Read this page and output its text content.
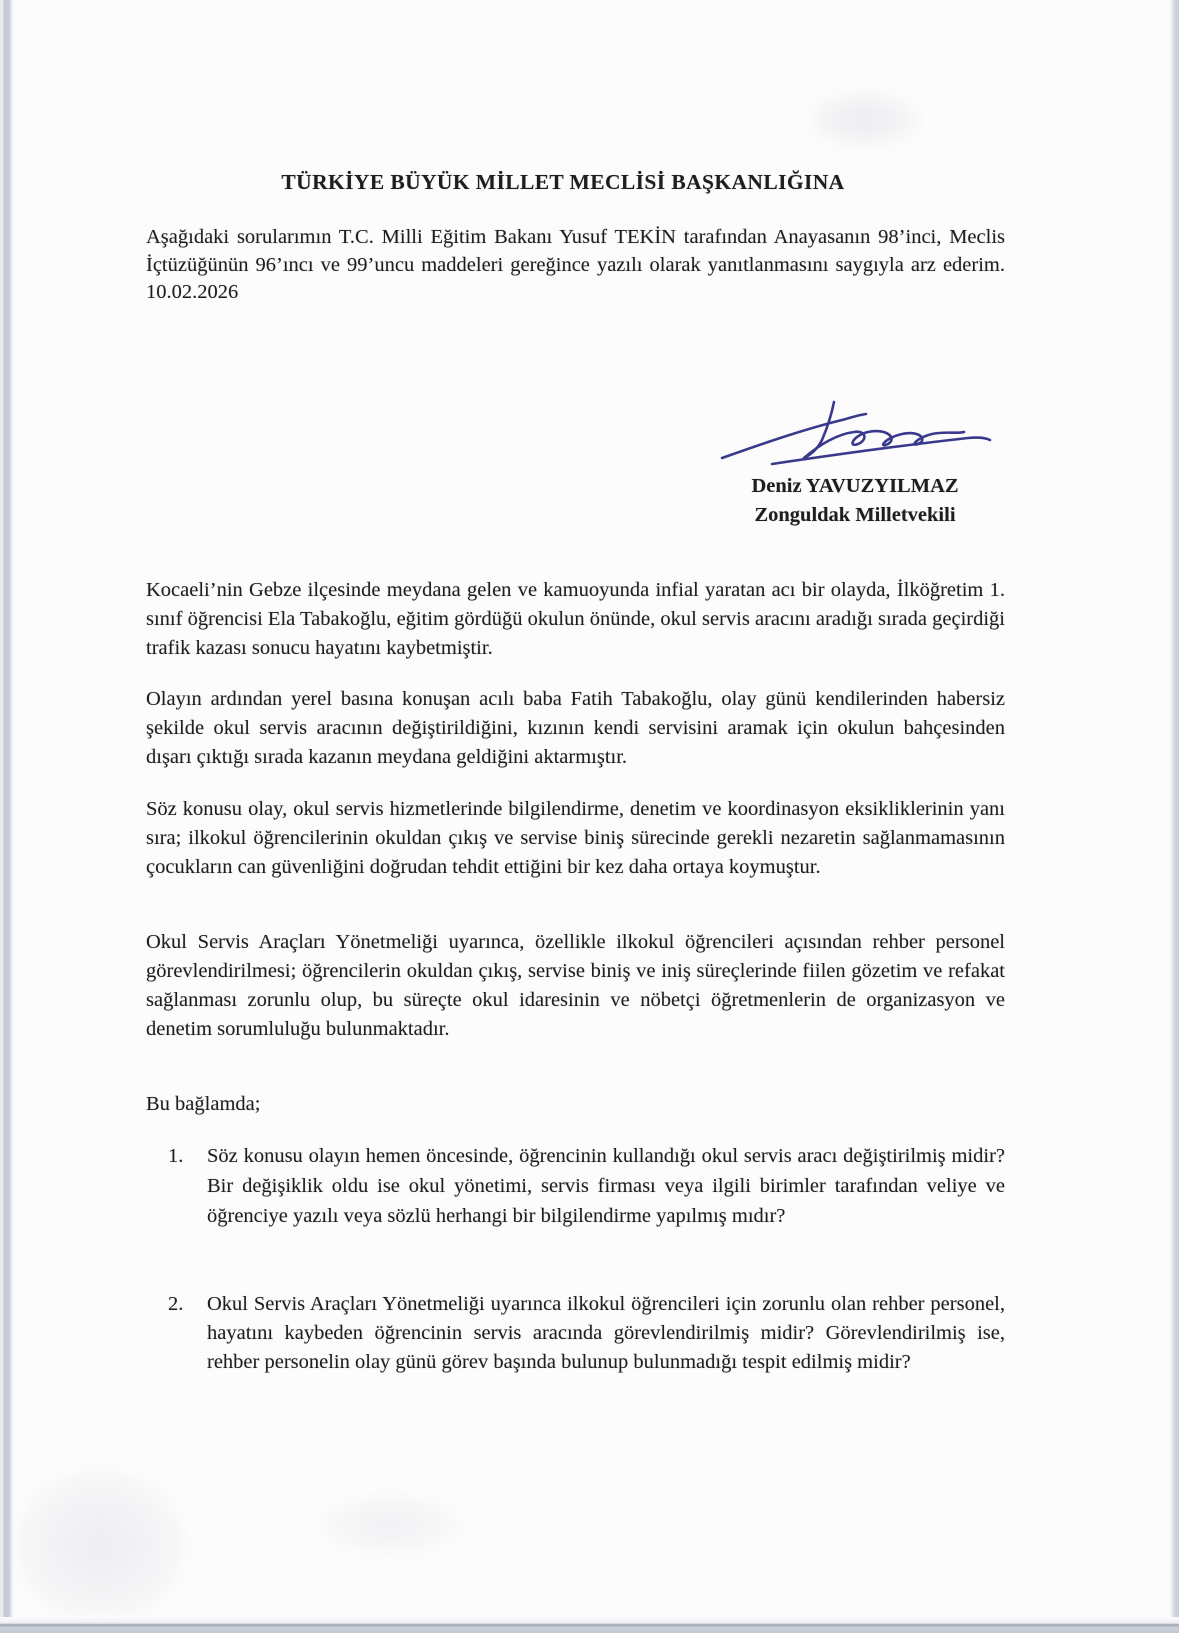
TÜRKİYE BÜYÜK MİLLET MECLİSİ BAŞKANLIĞINA

Aşağıdaki sorularımın T.C. Milli Eğitim Bakanı Yusuf TEKİN tarafından Anayasanın 98’inci, Meclis İçtüzüğünün 96’ıncı ve 99’uncu maddeleri gereğince yazılı olarak yanıtlanmasını saygıyla arz ederim. 10.02.2026

Deniz YAVUZYILMAZ
Zonguldak Milletvekili

Kocaeli’nin Gebze ilçesinde meydana gelen ve kamuoyunda infial yaratan acı bir olayda, İlköğretim 1. sınıf öğrencisi Ela Tabakoğlu, eğitim gördüğü okulun önünde, okul servis aracını aradığı sırada geçirdiği trafik kazası sonucu hayatını kaybetmiştir.

Olayın ardından yerel basına konuşan acılı baba Fatih Tabakoğlu, olay günü kendilerinden habersiz şekilde okul servis aracının değiştirildiğini, kızının kendi servisini aramak için okulun bahçesinden dışarı çıktığı sırada kazanın meydana geldiğini aktarmıştır.

Söz konusu olay, okul servis hizmetlerinde bilgilendirme, denetim ve koordinasyon eksikliklerinin yanı sıra; ilkokul öğrencilerinin okuldan çıkış ve servise biniş sürecinde gerekli nezaretin sağlanmamasının çocukların can güvenliğini doğrudan tehdit ettiğini bir kez daha ortaya koymuştur.

Okul Servis Araçları Yönetmeliği uyarınca, özellikle ilkokul öğrencileri açısından rehber personel görevlendirilmesi; öğrencilerin okuldan çıkış, servise biniş ve iniş süreçlerinde fiilen gözetim ve refakat sağlanması zorunlu olup, bu süreçte okul idaresinin ve nöbetçi öğretmenlerin de organizasyon ve denetim sorumluluğu bulunmaktadır.

Bu bağlamda;

1. Söz konusu olayın hemen öncesinde, öğrencinin kullandığı okul servis aracı değiştirilmiş midir? Bir değişiklik oldu ise okul yönetimi, servis firması veya ilgili birimler tarafından veliye ve öğrenciye yazılı veya sözlü herhangi bir bilgilendirme yapılmış mıdır?
2. Okul Servis Araçları Yönetmeliği uyarınca ilkokul öğrencileri için zorunlu olan rehber personel, hayatını kaybeden öğrencinin servis aracında görevlendirilmiş midir? Görevlendirilmiş ise, rehber personelin olay günü görev başında bulunup bulunmadığı tespit edilmiş midir?
